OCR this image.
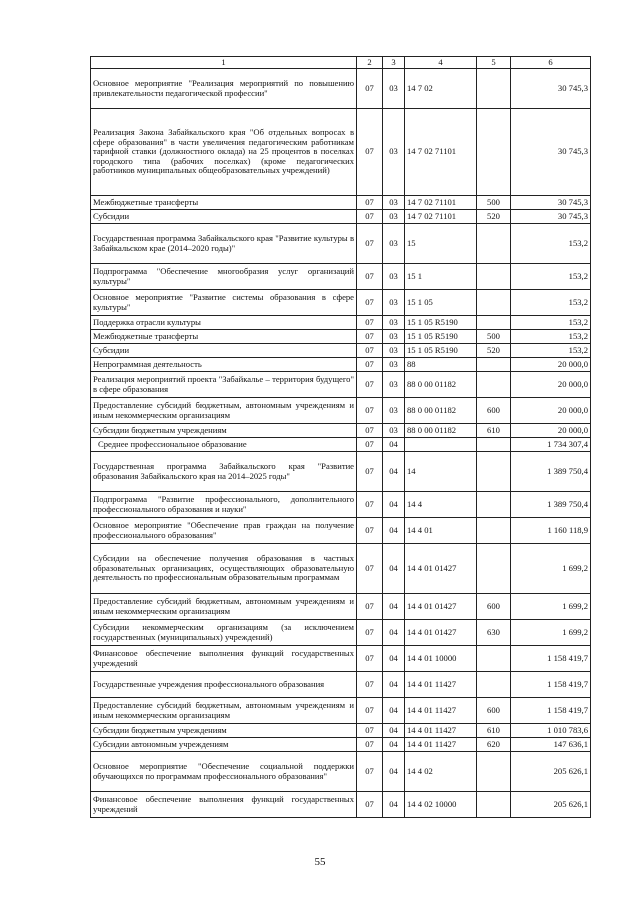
1	2	3	4	5	6
Основное мероприятие "Реализация мероприятий по повышению привлекательности педагогической профессии"	07	03	14 7 02		30 745,3
Реализация Закона Забайкальского края "Об отдельных вопросах в сфере образования" в части увеличения педагогическим работникам тарифной ставки (должностного оклада) на 25 процентов в поселках городского типа (рабочих поселках) (кроме педагогических работников муниципальных общеобразовательных учреждений)	07	03	14 7 02 71101		30 745,3
Межбюджетные трансферты	07	03	14 7 02 71101	500	30 745,3
Субсидии	07	03	14 7 02 71101	520	30 745,3
Государственная программа Забайкальского края "Развитие культуры в Забайкальском крае (2014–2020 годы)"	07	03	15		153,2
Подпрограмма "Обеспечение многообразия услуг организаций культуры"	07	03	15 1		153,2
Основное мероприятие "Развитие системы образования в сфере культуры"	07	03	15 1 05		153,2
Поддержка отрасли культуры	07	03	15 1 05 R5190		153,2
Межбюджетные трансферты	07	03	15 1 05 R5190	500	153,2
Субсидии	07	03	15 1 05 R5190	520	153,2
Непрограммная деятельность	07	03	88		20 000,0
Реализация мероприятий проекта "Забайкалье – территория будущего" в сфере образования	07	03	88 0 00 01182		20 000,0
Предоставление субсидий бюджетным, автономным учреждениям и иным некоммерческим организациям	07	03	88 0 00 01182	600	20 000,0
Субсидии бюджетным учреждениям	07	03	88 0 00 01182	610	20 000,0
Среднее профессиональное образование	07	04			1 734 307,4
Государственная программа Забайкальского края "Развитие образования Забайкальского края на 2014–2025 годы"	07	04	14		1 389 750,4
Подпрограмма "Развитие профессионального, дополнительного профессионального образования и науки"	07	04	14 4		1 389 750,4
Основное мероприятие "Обеспечение прав граждан на получение профессионального образования"	07	04	14 4 01		1 160 118,9
Субсидии на обеспечение получения образования в частных образовательных организациях, осуществляющих образовательную деятельность по профессиональным образовательным программам	07	04	14 4 01 01427		1 699,2
Предоставление субсидий бюджетным, автономным учреждениям и иным некоммерческим организациям	07	04	14 4 01 01427	600	1 699,2
Субсидии некоммерческим организациям (за исключением государственных (муниципальных) учреждений)	07	04	14 4 01 01427	630	1 699,2
Финансовое обеспечение выполнения функций государственных учреждений	07	04	14 4 01 10000		1 158 419,7
Государственные учреждения профессионального образования	07	04	14 4 01 11427		1 158 419,7
Предоставление субсидий бюджетным, автономным учреждениям и иным некоммерческим организациям	07	04	14 4 01 11427	600	1 158 419,7
Субсидии бюджетным учреждениям	07	04	14 4 01 11427	610	1 010 783,6
Субсидии автономным учреждениям	07	04	14 4 01 11427	620	147 636,1
Основное мероприятие "Обеспечение социальной поддержки обучающихся по программам профессионального образования"	07	04	14 4 02		205 626,1
Финансовое обеспечение выполнения функций государственных учреждений	07	04	14 4 02 10000		205 626,1
55
